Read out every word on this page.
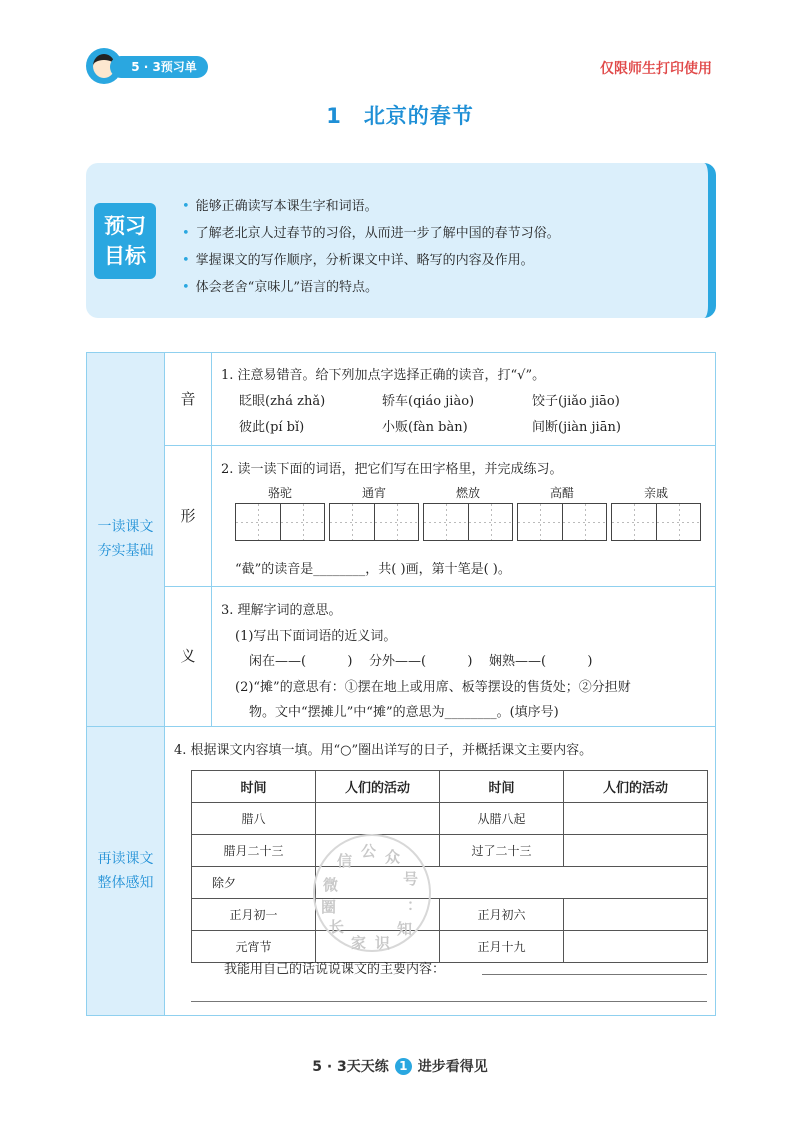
5 · 3预习单	仅限师生打印使用
1 北京的春节
预习
目标
• 能够正确读写本课生字和词语。
• 了解老北京人过春节的习俗，从而进一步了解中国的春节习俗。
• 掌握课文的写作顺序，分析课文中详、略写的内容及作用。
• 体会老舍“京味儿”语言的特点。
一读课文
夯实基础
再读课文
整体感知
音
1. 注意易错音。给下列加点字选择正确的读音，打“√”。
眨眼(zhá zhǎ)	轿车(qiáo jiào)	饺子(jiǎo jiāo)
彼此(pí bǐ)	小贩(fàn bàn)	间断(jiàn jiān)
形
2. 读一读下面的词语，把它们写在田字格里，并完成练习。
骆驼	通宵	燃放	高醋	亲戚
“截”的读音是________，共( )画，第十笔是( )。
义
3. 理解字词的意思。
(1)写出下面词语的近义词。
闲在——(          )    分外——(          )    娴熟——(          )
(2)“摊”的意思有：①摆在地上或用席、板等摆设的售货处；②分担财
物。文中“摆摊儿”中“摊”的意思为________。(填序号)
4. 根据课文内容填一填。用“○”圈出详写的日子，并概括课文主要内容。
时间	人们的活动	时间	人们的活动
腊八		从腊八起	
腊月二十三		过了二十三	
除夕			
正月初一		正月初六	
元宵节		正月十九	
我能用自己的话说说课文的主要内容：
微
信
公 众
号
：
知
识
家
长
圈
5 · 3天天练 1 进步看得见
